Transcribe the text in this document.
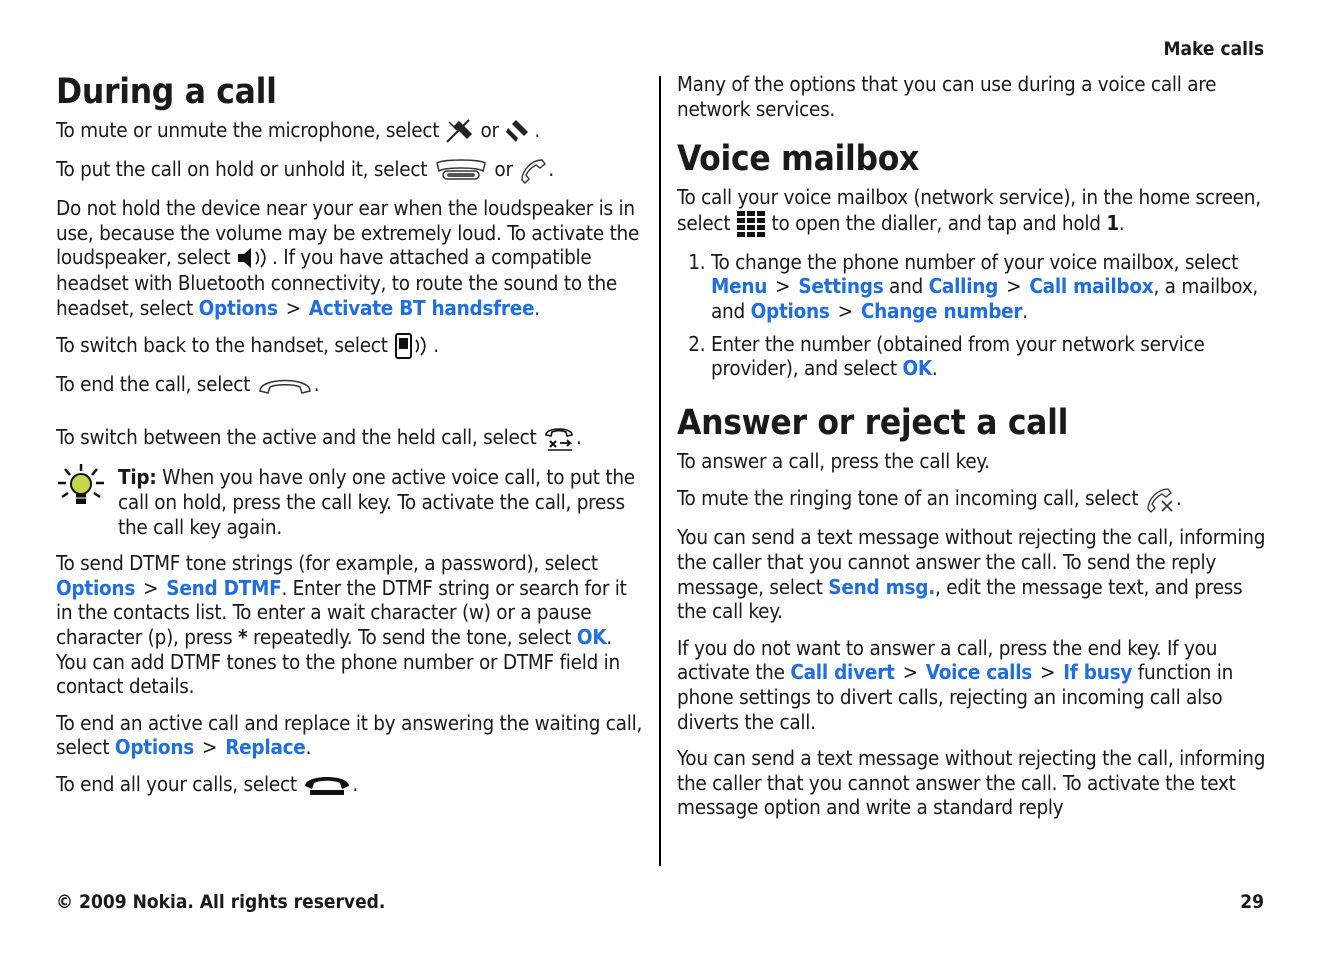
Make calls
During a call

To mute or unmute the microphone, select or .

To put the call on hold or unhold it, select	or .

Do not hold the device near your ear when the loudspeaker is in use, because the volume may be extremely loud. To activate the loudspeaker, select . If you have attached a compatible headset with Bluetooth connectivity, to route the sound to the headset, select Options > Activate BT handsfree.

To switch back to the handset, select .

To end the call, select	.

To switch between the active and the held call, select .

Tip: When you have only one active voice call, to put the call on hold, press the call key. To activate the call, press the call key again.

To send DTMF tone strings (for example, a password), select Options > Send DTMF. Enter the DTMF string or search for it in the contacts list. To enter a wait character (w) or a pause character (p), press * repeatedly. To send the tone, select OK. You can add DTMF tones to the phone number or DTMF field in contact details.

To end an active call and replace it by answering the waiting call, select Options > Replace.

To end all your calls, select	.

Many of the options that you can use during a voice call are network services.

Voice mailbox

To call your voice mailbox (network service), in the home screen, select to open the dialler, and tap and hold 1.

1. To change the phone number of your voice mailbox, select Menu > Settings and Calling > Call mailbox, a mailbox, and Options > Change number.
2. Enter the number (obtained from your network service provider), and select OK.
Answer or reject a call

To answer a call, press the call key.

To mute the ringing tone of an incoming call, select .

You can send a text message without rejecting the call, informing the caller that you cannot answer the call. To send the reply message, select Send msg., edit the message text, and press the call key.

If you do not want to answer a call, press the end key. If you activate the Call divert > Voice calls > If busy function in phone settings to divert calls, rejecting an incoming call also diverts the call.

You can send a text message without rejecting the call, informing the caller that you cannot answer the call. To activate the text message option and write a standard reply

© 2009 Nokia. All rights reserved.	29
